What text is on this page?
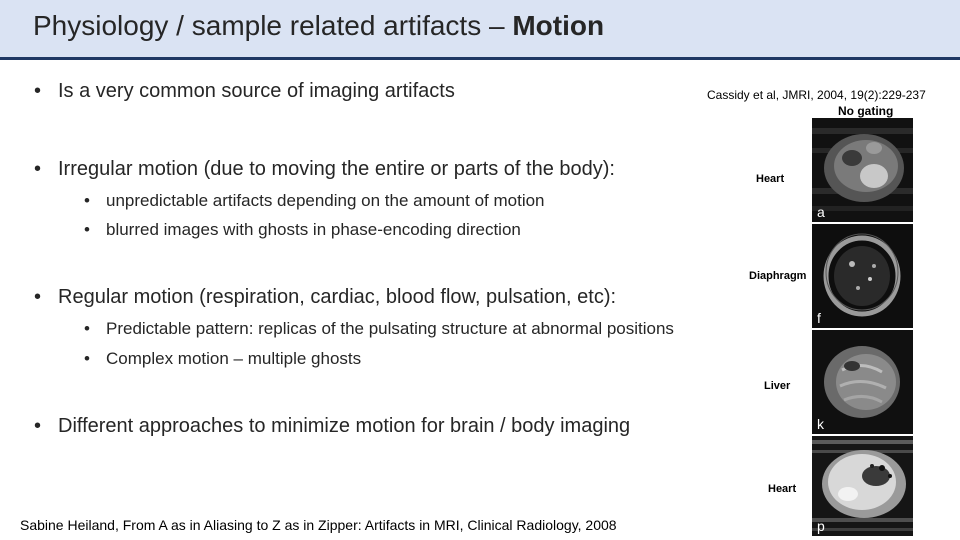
Physiology / sample related artifacts – Motion
• Is a very common source of imaging artifacts
• Irregular motion (due to moving the entire or parts of the body):
• unpredictable artifacts depending on the amount of motion
• blurred images with ghosts in phase-encoding direction
• Regular motion (respiration, cardiac, blood flow, pulsation, etc):
• Predictable pattern: replicas of the pulsating structure at abnormal positions
• Complex motion – multiple ghosts
• Different approaches to minimize motion for brain / body imaging
Cassidy et al, JMRI, 2004, 19(2):229-237
No gating
Heart
a
Diaphragm
f
Liver
k
Heart
p
Sabine Heiland, From A as in Aliasing to Z as in Zipper: Artifacts in MRI, Clinical Radiology, 2008
